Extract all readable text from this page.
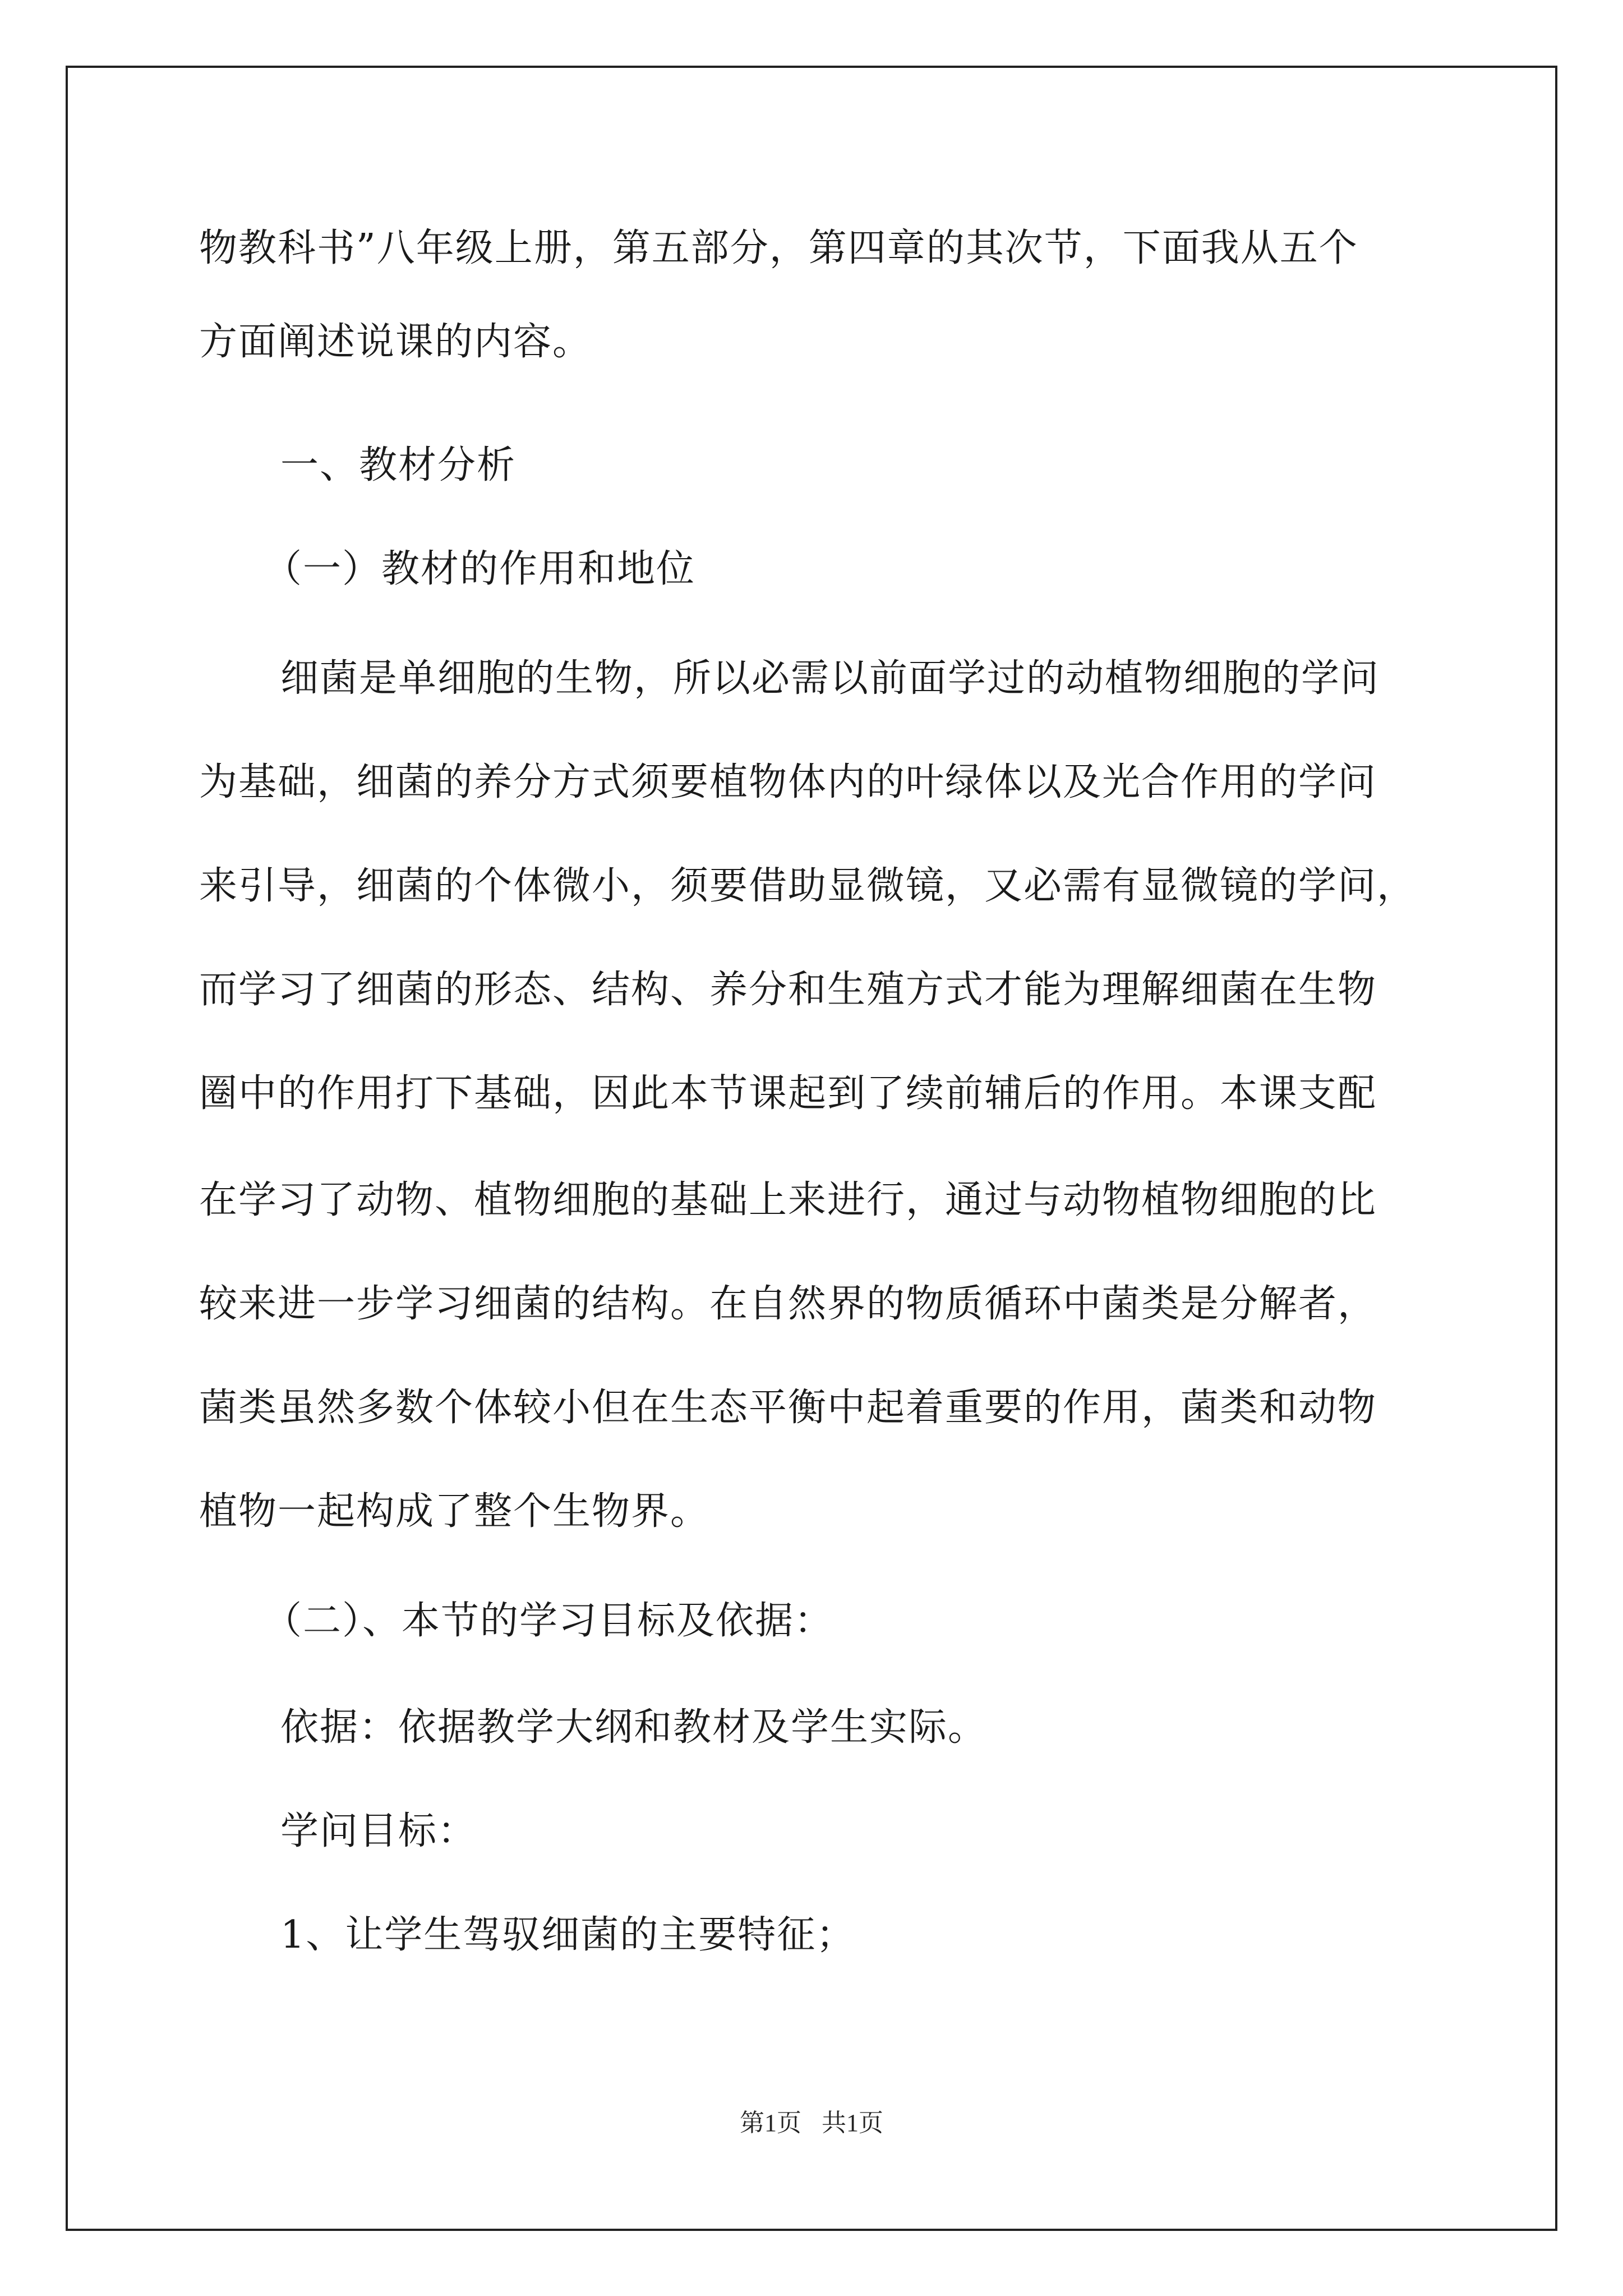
物教科书”八年级上册，第五部分，第四章的其次节，下面我从五个
方面阐述说课的内容。
一、教材分析
（一）教材的作用和地位
细菌是单细胞的生物，所以必需以前面学过的动植物细胞的学问
为基础，细菌的养分方式须要植物体内的叶绿体以及光合作用的学问
来引导，细菌的个体微小，须要借助显微镜，又必需有显微镜的学问，
而学习了细菌的形态、结构、养分和生殖方式才能为理解细菌在生物
圈中的作用打下基础，因此本节课起到了续前辅后的作用。本课支配
在学习了动物、植物细胞的基础上来进行，通过与动物植物细胞的比
较来进一步学习细菌的结构。在自然界的物质循环中菌类是分解者，
菌类虽然多数个体较小但在生态平衡中起着重要的作用，菌类和动物
植物一起构成了整个生物界。
（二）、本节的学习目标及依据：
依据：依据教学大纲和教材及学生实际。
学问目标：
1、让学生驾驭细菌的主要特征；
第1页 共1页
